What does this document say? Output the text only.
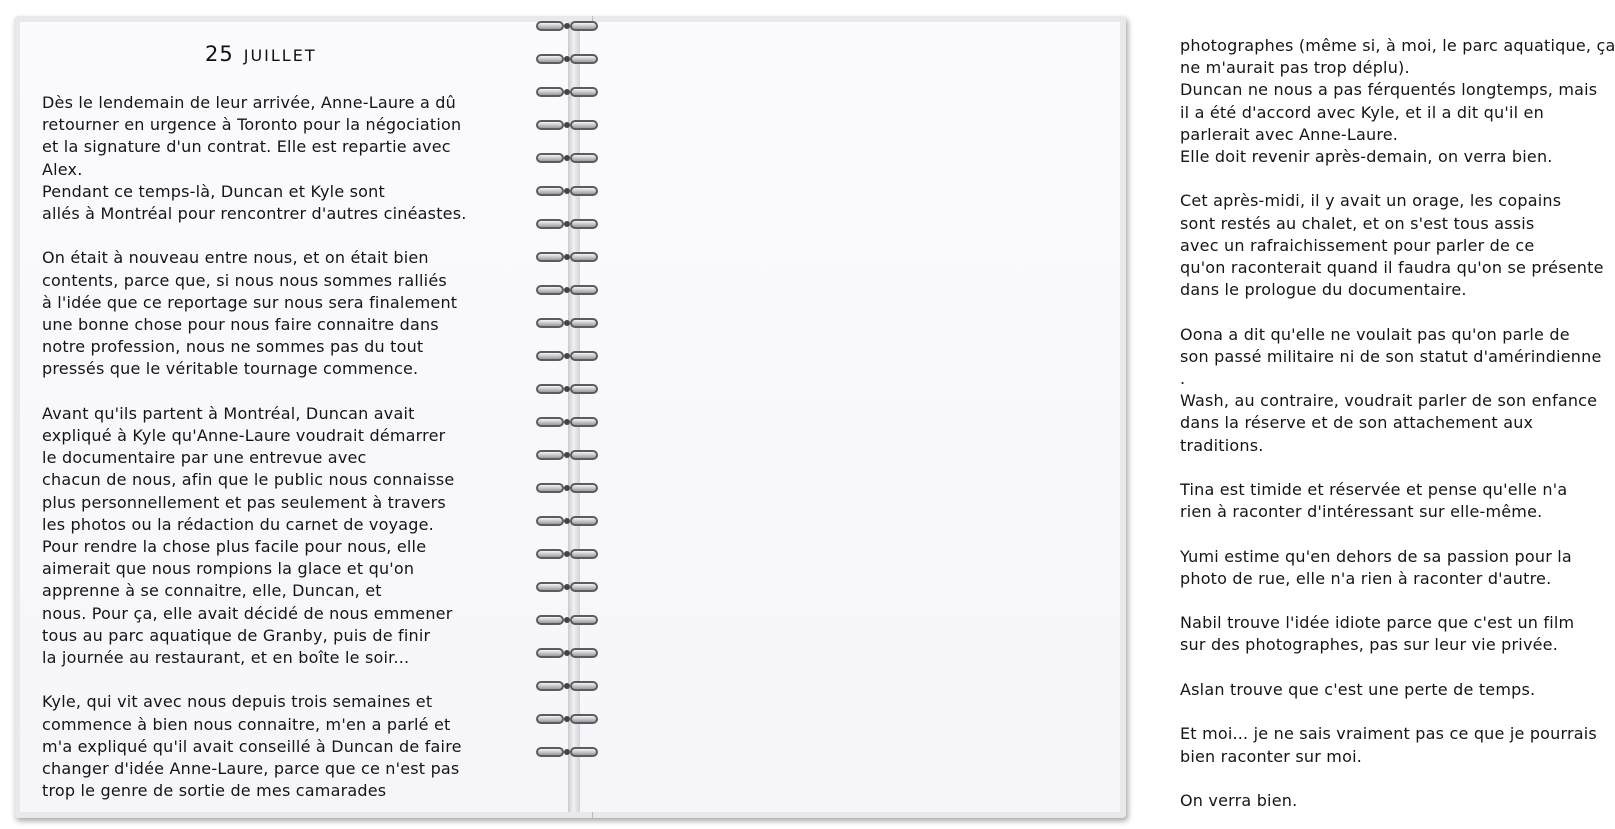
25 JUILLET

Dès le lendemain de leur arrivée, Anne-Laure a dû
retourner en urgence à Toronto pour la négociation
et la signature d'un contrat. Elle est repartie avec
Alex.
Pendant ce temps-là, Duncan et Kyle sont
allés à Montréal pour rencontrer d'autres cinéastes.

On était à nouveau entre nous, et on était bien
contents, parce que, si nous nous sommes ralliés
à l'idée que ce reportage sur nous sera finalement
une bonne chose pour nous faire connaitre dans
notre profession, nous ne sommes pas du tout
pressés que le véritable tournage commence.

Avant qu'ils partent à Montréal, Duncan avait
expliqué à Kyle qu'Anne-Laure voudrait démarrer
le documentaire par une entrevue avec
chacun de nous, afin que le public nous connaisse
plus personnellement et pas seulement à travers
les photos ou la rédaction du carnet de voyage.
Pour rendre la chose plus facile pour nous, elle
aimerait que nous rompions la glace et qu'on
apprenne à se connaitre, elle, Duncan, et
nous. Pour ça, elle avait décidé de nous emmener
tous au parc aquatique de Granby, puis de finir
la journée au restaurant, et en boîte le soir...

Kyle, qui vit avec nous depuis trois semaines et
commence à bien nous connaitre, m'en a parlé et
m'a expliqué qu'il avait conseillé à Duncan de faire
changer d'idée Anne-Laure, parce que ce n'est pas
trop le genre de sortie de mes camarades

photographes (même si, à moi, le parc aquatique, ça
ne m'aurait pas trop déplu).
Duncan ne nous a pas férquentés longtemps, mais
il a été d'accord avec Kyle, et il a dit qu'il en
parlerait avec Anne-Laure.
Elle doit revenir après-demain, on verra bien.

Cet après-midi, il y avait un orage, les copains
sont restés au chalet, et on s'est tous assis
avec un rafraichissement pour parler de ce
qu'on raconterait quand il faudra qu'on se présente
dans le prologue du documentaire.

Oona a dit qu'elle ne voulait pas qu'on parle de
son passé militaire ni de son statut d'amérindienne
.
Wash, au contraire, voudrait parler de son enfance
dans la réserve et de son attachement aux
traditions.

Tina est timide et réservée et pense qu'elle n'a
rien à raconter d'intéressant sur elle-même.

Yumi estime qu'en dehors de sa passion pour la
photo de rue, elle n'a rien à raconter d'autre.

Nabil trouve l'idée idiote parce que c'est un film
sur des photographes, pas sur leur vie privée.

Aslan trouve que c'est une perte de temps.

Et moi... je ne sais vraiment pas ce que je pourrais
bien raconter sur moi.

On verra bien.
